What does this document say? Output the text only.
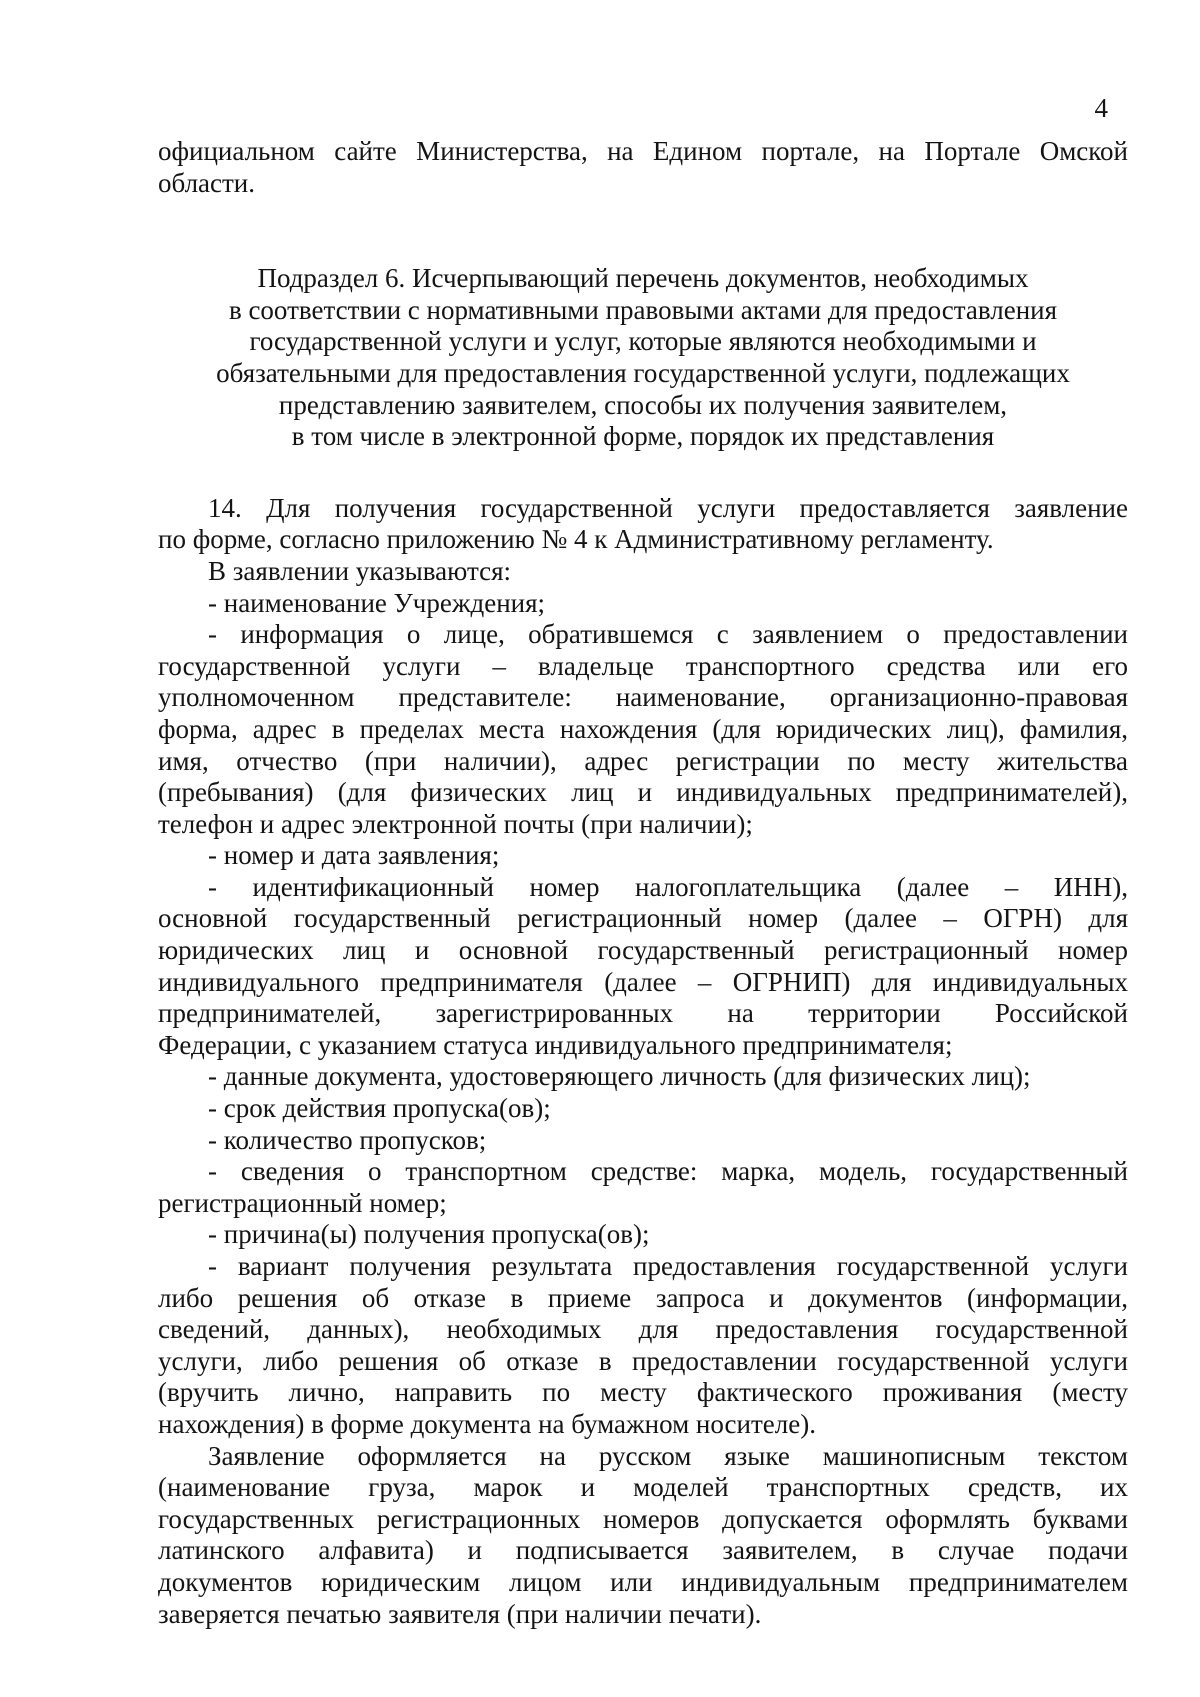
4

официальном сайте Министерства, на Едином портале, на Портале Омской

области.

Подраздел 6. Исчерпывающий перечень документов, необходимых
в соответствии с нормативными правовыми актами для предоставления
государственной услуги и услуг, которые являются необходимыми и
обязательными для предоставления государственной услуги, подлежащих
представлению заявителем, способы их получения заявителем,
в том числе в электронной форме, порядок их представления

14. Для получения государственной услуги предоставляется заявление

по форме, согласно приложению № 4 к Административному регламенту.

В заявлении указываются:

- наименование Учреждения;

- информация о лице, обратившемся с заявлением о предоставлении

государственной услуги – владельце транспортного средства или его

уполномоченном представителе: наименование, организационно-правовая

форма, адрес в пределах места нахождения (для юридических лиц), фамилия,

имя, отчество (при наличии), адрес регистрации по месту жительства

(пребывания) (для физических лиц и индивидуальных предпринимателей),

телефон и адрес электронной почты (при наличии);

- номер и дата заявления;

- идентификационный номер налогоплательщика (далее – ИНН),

основной государственный регистрационный номер (далее – ОГРН) для

юридических лиц и основной государственный регистрационный номер

индивидуального предпринимателя (далее – ОГРНИП) для индивидуальных

предпринимателей, зарегистрированных на территории Российской

Федерации, с указанием статуса индивидуального предпринимателя;

- данные документа, удостоверяющего личность (для физических лиц);

- срок действия пропуска(ов);

- количество пропусков;

- сведения о транспортном средстве: марка, модель, государственный

регистрационный номер;

- причина(ы) получения пропуска(ов);

- вариант получения результата предоставления государственной услуги

либо решения об отказе в приеме запроса и документов (информации,

сведений, данных), необходимых для предоставления государственной

услуги, либо решения об отказе в предоставлении государственной услуги

(вручить лично, направить по месту фактического проживания (месту

нахождения) в форме документа на бумажном носителе).

Заявление оформляется на русском языке машинописным текстом

(наименование груза, марок и моделей транспортных средств, их

государственных регистрационных номеров допускается оформлять буквами

латинского алфавита) и подписывается заявителем, в случае подачи

документов юридическим лицом или индивидуальным предпринимателем

заверяется печатью заявителя (при наличии печати).
